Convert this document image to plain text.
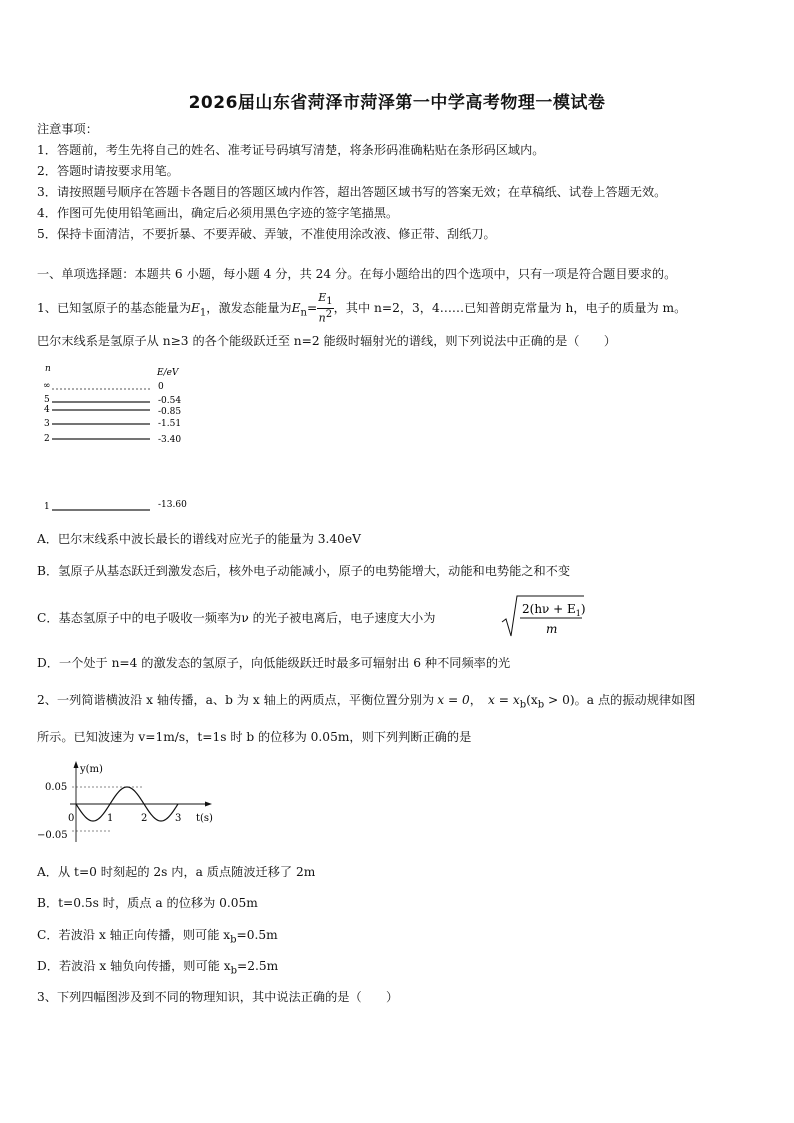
2026届山东省菏泽市菏泽第一中学高考物理一模试卷
注意事项：
1．答题前，考生先将自己的姓名、准考证号码填写清楚，将条形码准确粘贴在条形码区域内。
2．答题时请按要求用笔。
3．请按照题号顺序在答题卡各题目的答题区域内作答，超出答题区域书写的答案无效；在草稿纸、试卷上答题无效。
4．作图可先使用铅笔画出，确定后必须用黑色字迹的签字笔描黑。
5．保持卡面清洁，不要折暴、不要弄破、弄皱，不准使用涂改液、修正带、刮纸刀。
一、单项选择题：本题共 6 小题，每小题 4 分，共 24 分。在每小题给出的四个选项中，只有一项是符合题目要求的。
1、已知氢原子的基态能量为$E_1$，激发态能量为$E_n= \frac{E_1}{n^2}$ ，其中 n=2，3，4……已知普朗克常量为 h，电子的质量为 m。
巴尔末线系是氢原子从 n≥3 的各个能级跃迁至 n=2 能级时辐射光的谱线，则下列说法中正确的是（　　）
n	E/eV
∞	0
5	-0.54
4	-0.85
3	-1.51
2	-3.40
1	-13.60
A．巴尔末线系中波长最长的谱线对应光子的能量为 3.40eV
B．氢原子从基态跃迁到激发态后，核外电子动能减小，原子的电势能增大，动能和电势能之和不变
C．基态氢原子中的电子吸收一频率为ν 的光子被电离后，电子速度大小为
$2(h\nu + E_1)$
m
D．一个处于 n=4 的激发态的氢原子，向低能级跃迁时最多可辐射出 6 种不同频率的光
2、一列简谐横波沿 x 轴传播，a、b 为 x 轴上的两质点，平衡位置分别为 x = 0， $x = x_b(x_b > 0)$。a 点的振动规律如图
所示。已知波速为 v=1m/s，t=1s 时 b 的位移为 0.05m，则下列判断正确的是
y(m)
t(s)
0.05
−0.05
0	1	2	3
A．从 t=0 时刻起的 2s 内，a 质点随波迁移了 2m
B．t=0.5s 时，质点 a 的位移为 0.05m
C．若波沿 x 轴正向传播，则可能 $x_b=0.5m$
D．若波沿 x 轴负向传播，则可能 $x_b=2.5m$
3、下列四幅图涉及到不同的物理知识，其中说法正确的是（　　）
